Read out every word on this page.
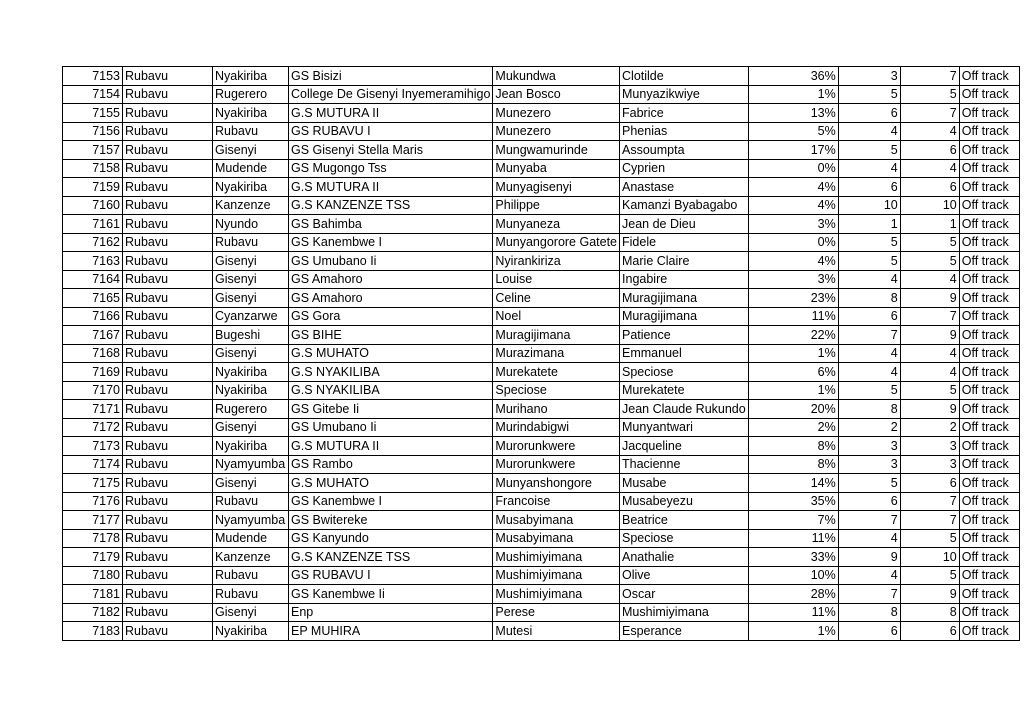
7153	Rubavu	Nyakiriba	GS Bisizi	Mukundwa	Clotilde	36%	3	7	Off track
7154	Rubavu	Rugerero	College De Gisenyi Inyemeramihigo	Jean Bosco	Munyazikwiye	1%	5	5	Off track
7155	Rubavu	Nyakiriba	G.S MUTURA II	Munezero	Fabrice	13%	6	7	Off track
7156	Rubavu	Rubavu	GS RUBAVU I	Munezero	Phenias	5%	4	4	Off track
7157	Rubavu	Gisenyi	GS Gisenyi Stella Maris	Mungwamurinde	Assoumpta	17%	5	6	Off track
7158	Rubavu	Mudende	GS Mugongo Tss	Munyaba	Cyprien	0%	4	4	Off track
7159	Rubavu	Nyakiriba	G.S MUTURA II	Munyagisenyi	Anastase	4%	6	6	Off track
7160	Rubavu	Kanzenze	G.S KANZENZE TSS	Philippe	Kamanzi Byabagabo	4%	10	10	Off track
7161	Rubavu	Nyundo	GS Bahimba	Munyaneza	Jean de Dieu	3%	1	1	Off track
7162	Rubavu	Rubavu	GS Kanembwe I	Munyangorore Gatete	Fidele	0%	5	5	Off track
7163	Rubavu	Gisenyi	GS Umubano Ii	Nyirankiriza	Marie Claire	4%	5	5	Off track
7164	Rubavu	Gisenyi	GS Amahoro	Louise	Ingabire	3%	4	4	Off track
7165	Rubavu	Gisenyi	GS Amahoro	Celine	Muragijimana	23%	8	9	Off track
7166	Rubavu	Cyanzarwe	GS Gora	Noel	Muragijimana	11%	6	7	Off track
7167	Rubavu	Bugeshi	GS BIHE	Muragijimana	Patience	22%	7	9	Off track
7168	Rubavu	Gisenyi	G.S MUHATO	Murazimana	Emmanuel	1%	4	4	Off track
7169	Rubavu	Nyakiriba	G.S NYAKILIBA	Murekatete	Speciose	6%	4	4	Off track
7170	Rubavu	Nyakiriba	G.S NYAKILIBA	Speciose	Murekatete	1%	5	5	Off track
7171	Rubavu	Rugerero	GS Gitebe Ii	Murihano	Jean Claude Rukundo	20%	8	9	Off track
7172	Rubavu	Gisenyi	GS Umubano Ii	Murindabigwi	Munyantwari	2%	2	2	Off track
7173	Rubavu	Nyakiriba	G.S MUTURA II	Murorunkwere	Jacqueline	8%	3	3	Off track
7174	Rubavu	Nyamyumba	GS Rambo	Murorunkwere	Thacienne	8%	3	3	Off track
7175	Rubavu	Gisenyi	G.S MUHATO	Munyanshongore	Musabe	14%	5	6	Off track
7176	Rubavu	Rubavu	GS Kanembwe I	Francoise	Musabeyezu	35%	6	7	Off track
7177	Rubavu	Nyamyumba	GS Bwitereke	Musabyimana	Beatrice	7%	7	7	Off track
7178	Rubavu	Mudende	GS Kanyundo	Musabyimana	Speciose	11%	4	5	Off track
7179	Rubavu	Kanzenze	G.S KANZENZE TSS	Mushimiyimana	Anathalie	33%	9	10	Off track
7180	Rubavu	Rubavu	GS RUBAVU I	Mushimiyimana	Olive	10%	4	5	Off track
7181	Rubavu	Rubavu	GS Kanembwe Ii	Mushimiyimana	Oscar	28%	7	9	Off track
7182	Rubavu	Gisenyi	Enp	Perese	Mushimiyimana	11%	8	8	Off track
7183	Rubavu	Nyakiriba	EP MUHIRA	Mutesi	Esperance	1%	6	6	Off track
